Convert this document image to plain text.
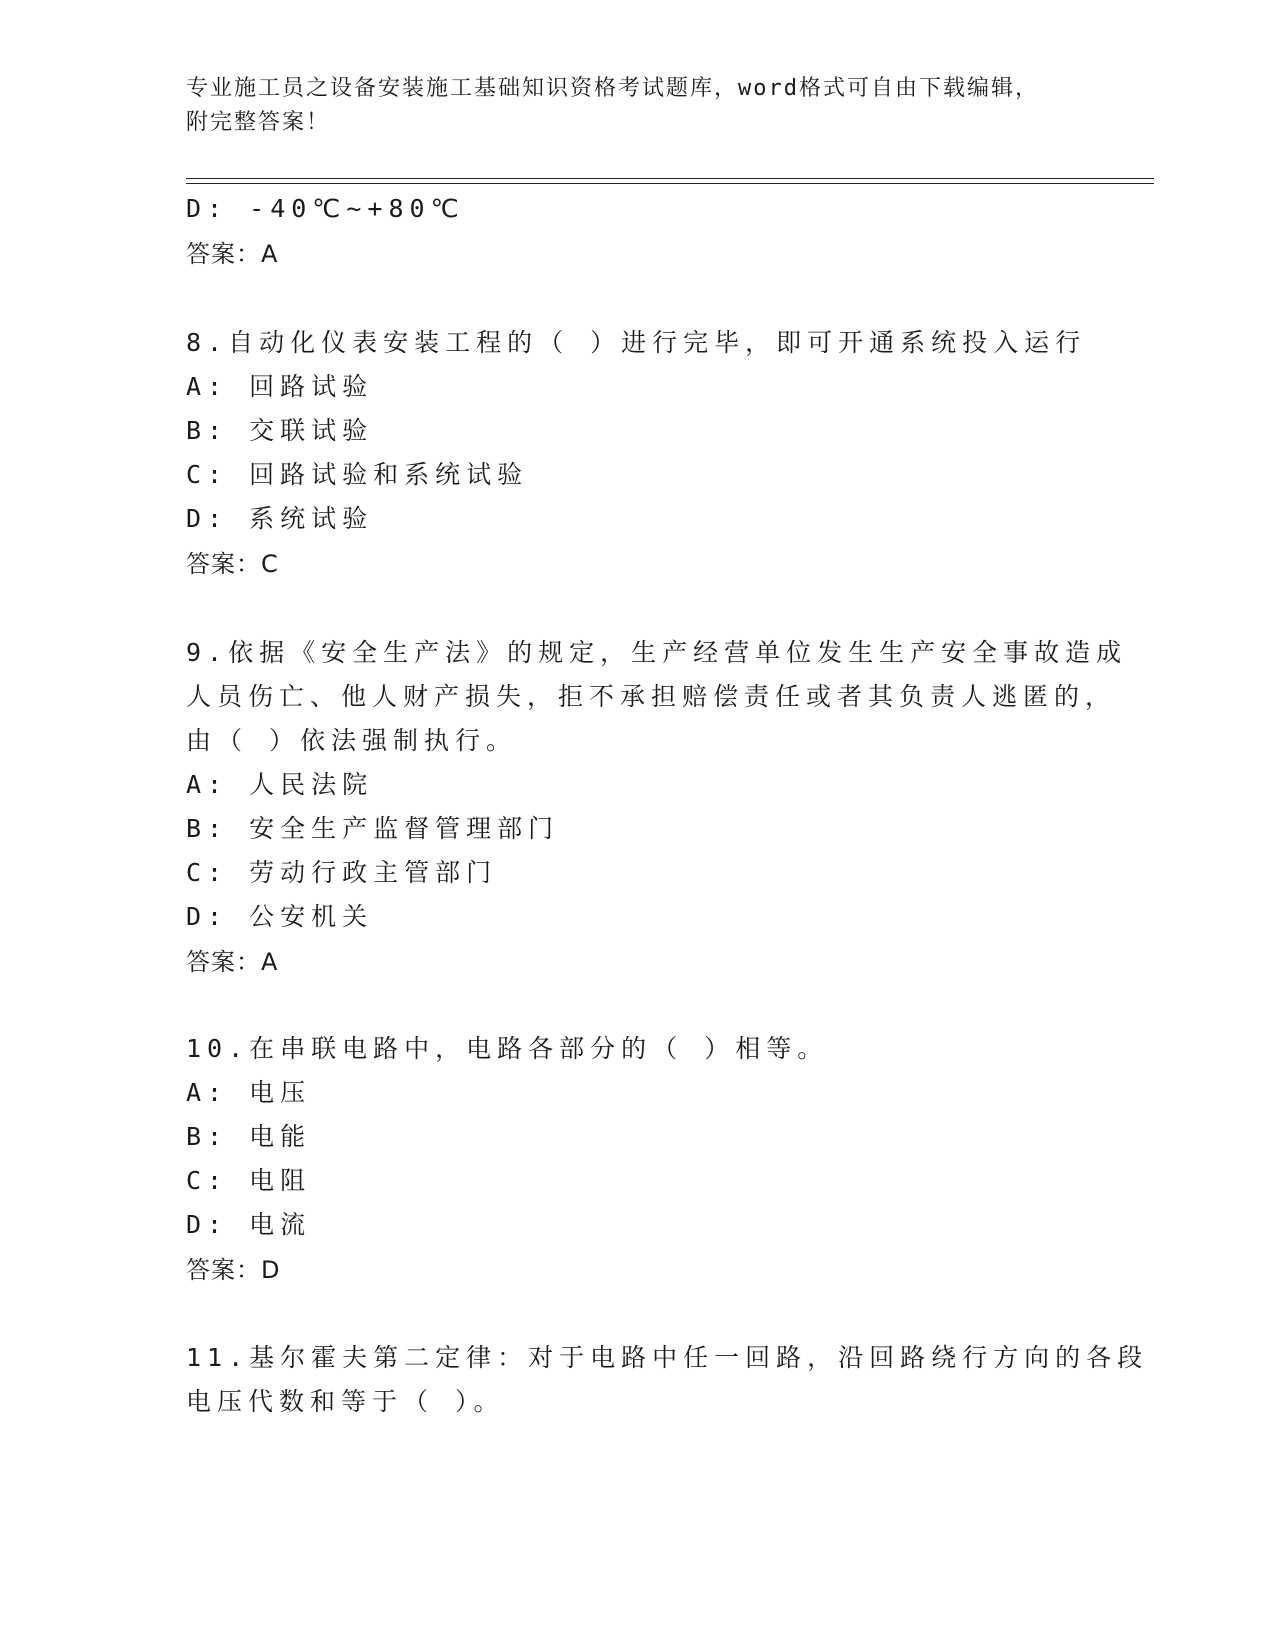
专业施工员之设备安装施工基础知识资格考试题库，word格式可自由下载编辑，
附完整答案！
D: -40℃~+80℃
答案：A
8.自动化仪表安装工程的（ ）进行完毕，即可开通系统投入运行
A: 回路试验
B: 交联试验
C: 回路试验和系统试验
D: 系统试验
答案：C
9.依据《安全生产法》的规定，生产经营单位发生生产安全事故造成
人员伤亡、他人财产损失，拒不承担赔偿责任或者其负责人逃匿的，
由（ ）依法强制执行。
A: 人民法院
B: 安全生产监督管理部门
C: 劳动行政主管部门
D: 公安机关
答案：A
10.在串联电路中，电路各部分的（ ）相等。
A: 电压
B: 电能
C: 电阻
D: 电流
答案：D
11.基尔霍夫第二定律：对于电路中任一回路，沿回路绕行方向的各段
电压代数和等于（ ）。
